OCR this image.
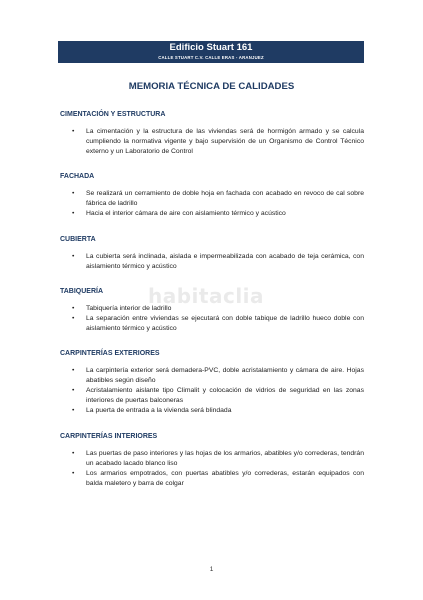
Edificio Stuart 161
CALLE STUART C.V. CALLE ERAS - ARANJUEZ
MEMORIA TÉCNICA DE CALIDADES
CIMENTACIÓN Y ESTRUCTURA
• La cimentación y la estructura de las viviendas será de hormigón armado y se calcula cumpliendo la normativa vigente y bajo supervisión de un Organismo de Control Técnico externo y un Laboratorio de Control
FACHADA
• Se realizará un cerramiento de doble hoja en fachada con acabado en revoco de cal sobre fábrica de ladrillo
• Hacia el interior cámara de aire con aislamiento térmico y acústico
CUBIERTA
• La cubierta será inclinada, aislada e impermeabilizada con acabado de teja cerámica, con aislamiento térmico y acústico
TABIQUERÍA
• Tabiquería interior de ladrillo
• La separación entre viviendas se ejecutará con doble tabique de ladrillo hueco doble con aislamiento térmico y acústico
CARPINTERÍAS EXTERIORES
• La carpintería exterior será demadera-PVC, doble acristalamiento y cámara de aire. Hojas abatibles según diseño
• Acristalamiento aislante tipo Climalit y colocación de vidrios de seguridad en las zonas interiores de puertas balconeras
• La puerta de entrada a la vivienda será blindada
CARPINTERÍAS INTERIORES
• Las puertas de paso interiores y las hojas de los armarios, abatibles y/o correderas, tendrán un acabado lacado blanco liso
• Los armarios empotrados, con puertas abatibles y/o correderas, estarán equipados con balda maletero y barra de colgar
habitaclia
1
